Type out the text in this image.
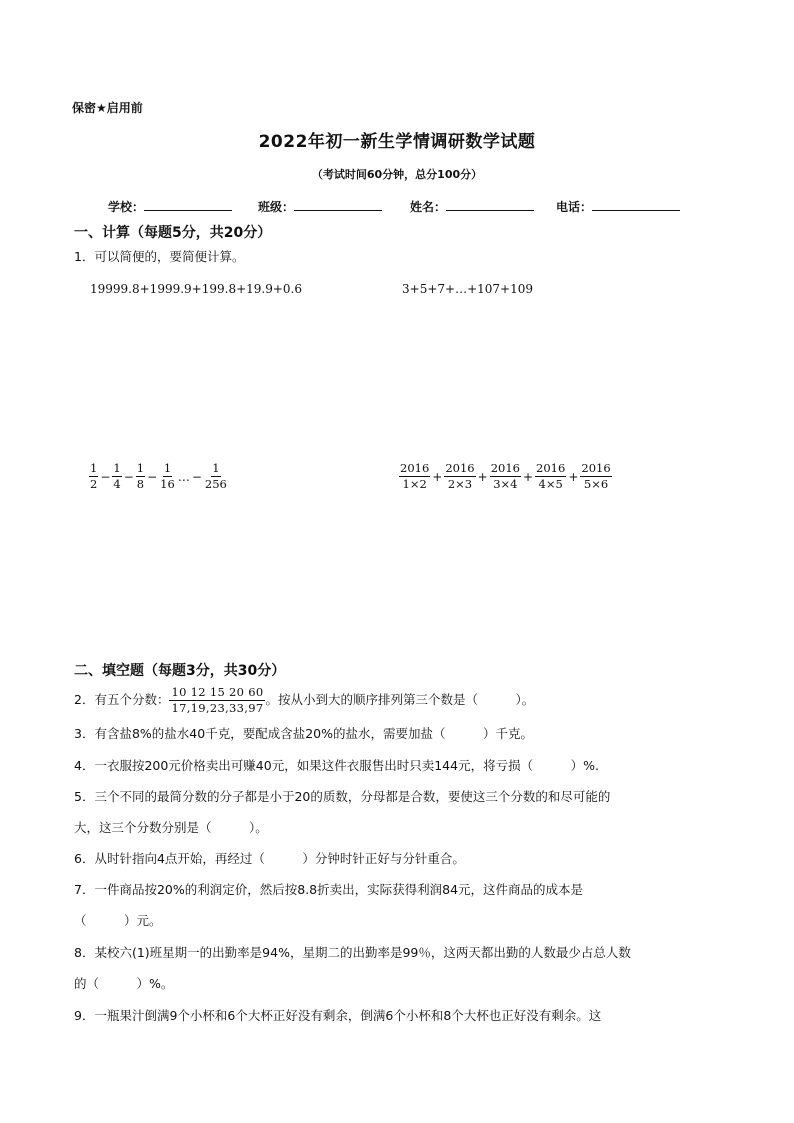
保密★启用前
2022年初一新生学情调研数学试题
（考试时间60分钟，总分100分）
学校：	班级：	姓名：	电话：
一、计算（每题5分，共20分）
1．可以简便的，要简便计算。
19999.8+1999.9+199.8+19.9+0.6	3+5+7+…+107+109
$\frac{1}{2} - \frac{1}{4} - \frac{1}{8} - \frac{1}{16}$ … − $\frac{1}{256}$	$\frac{2016}{1\times 2} + \frac{2016}{2\times 3} + \frac{2016}{3\times 4} + \frac{2016}{4\times 5} + \frac{2016}{5\times 6}$
二、填空题（每题3分，共30分）
2．有五个分数： $\frac{10 12 15 20 60}{17,19,23,33,97}$ 。按从小到大的顺序排列第三个数是（　　　）。
3．有含盐8%的盐水40千克，要配成含盐20%的盐水，需要加盐（　　　）千克。
4．一衣服按200元价格卖出可赚40元，如果这件衣服售出时只卖144元，将亏损（　　　）%.
5．三个不同的最简分数的分子都是小于20的质数，分母都是合数，要使这三个分数的和尽可能的
大，这三个分数分别是（　　　）。
6．从时针指向4点开始，再经过（　　　）分钟时针正好与分针重合。
7．一件商品按20%的利润定价，然后按8.8折卖出，实际获得利润84元，这件商品的成本是
（　　　）元。
8．某校六(1)班星期一的出勤率是94%，星期二的出勤率是99％，这两天都出勤的人数最少占总人数
的（　　　）%。
9．一瓶果汁倒满9个小杯和6个大杯正好没有剩余，倒满6个小杯和8个大杯也正好没有剩余。这
